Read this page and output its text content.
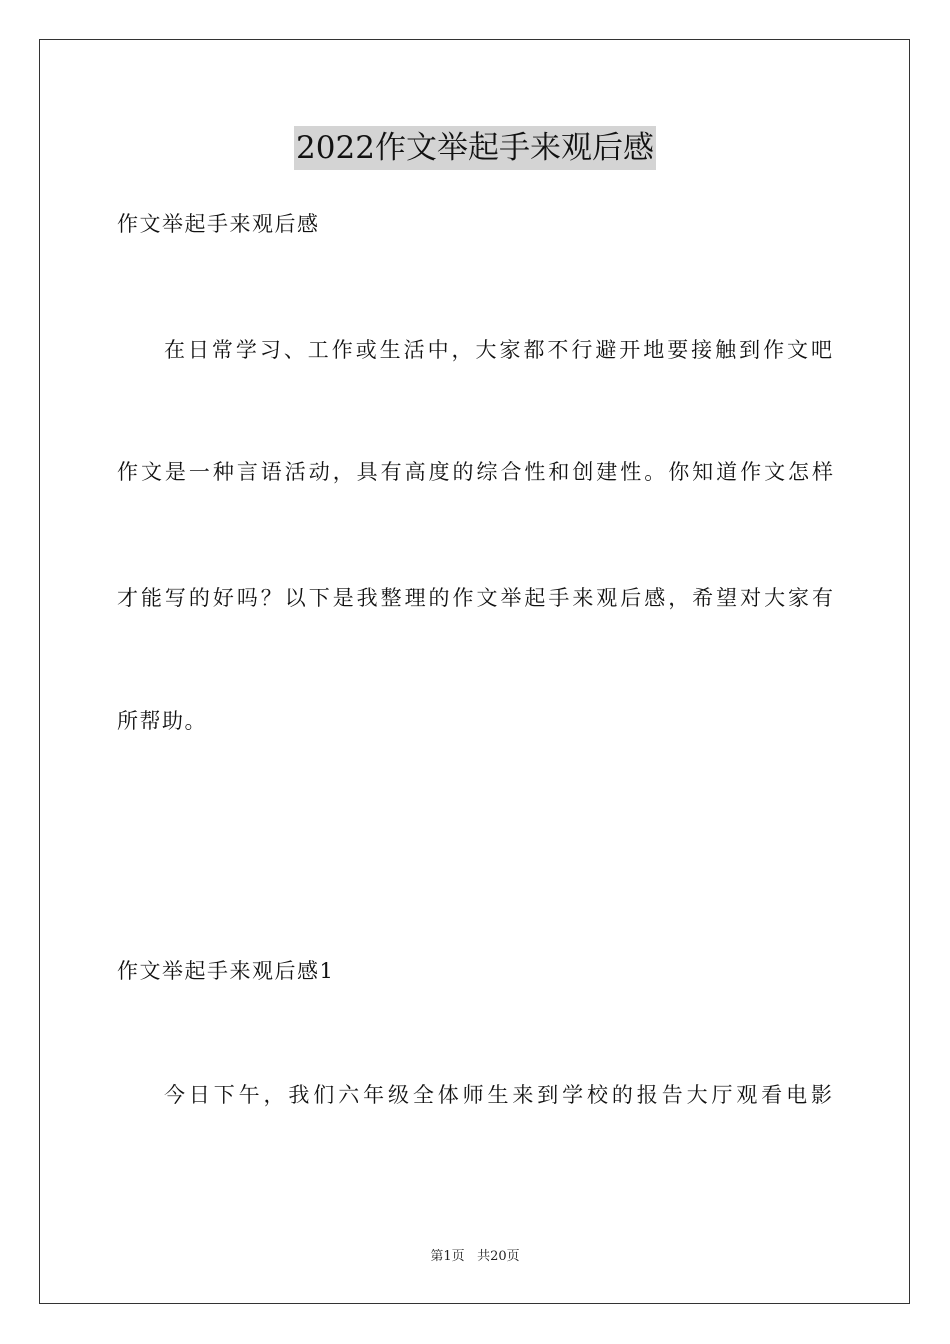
2022作文举起手来观后感
作文举起手来观后感
在日常学习、工作或生活中，大家都不行避开地要接触到作文吧
作文是一种言语活动，具有高度的综合性和创建性。你知道作文怎样
才能写的好吗？以下是我整理的作文举起手来观后感，希望对大家有
所帮助。
作文举起手来观后感1
今日下午，我们六年级全体师生来到学校的报告大厅观看电影
第1页 共20页
